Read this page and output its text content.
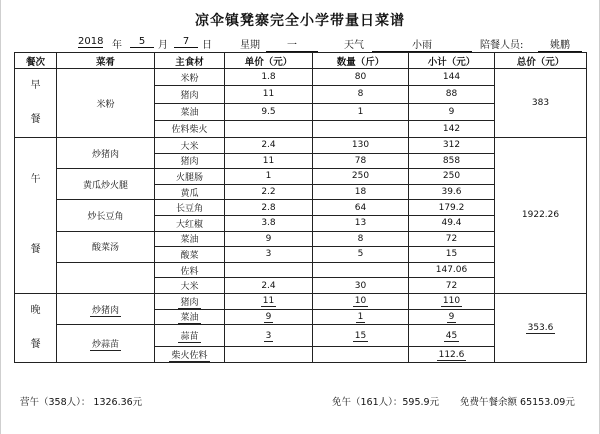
凉伞镇凳寨完全小学带量日菜谱
2018 年	5	月	7	日	星期	一	天气	小雨	陪餐人员:	姚鹏
餐次	菜肴	主食材	单价（元）	数量（斤）	小计（元）	总价（元）

早
餐	米粉	米粉	1.8	80	144	383
		猪肉	11	8	88	
		菜油	9.5	1	9	
		佐料柴火			142	

午
餐	炒猪肉	大米	2.4	130	312	1922.26
		猪肉	11	78	858	
	黄瓜炒火腿	火腿肠	1	250	250	
		黄瓜	2.2	18	39.6	
	炒长豆角	长豆角	2.8	64	179.2	
		大红椒	3.8	13	49.4	
	酸菜汤	菜油	9	8	72	
		酸菜	3	5	15	
		佐料			147.06	
		大米	2.4	30	72	

晚
餐	炒猪肉	猪肉	11	10	110	353.6
		菜油	9	1	9	
	炒蒜苗	蒜苗	3	15	45	
		柴火佐料			112.6	
营午（358人）： 1326.36元	免午（161人）：595.9元 免费午餐余额 65153.09元
